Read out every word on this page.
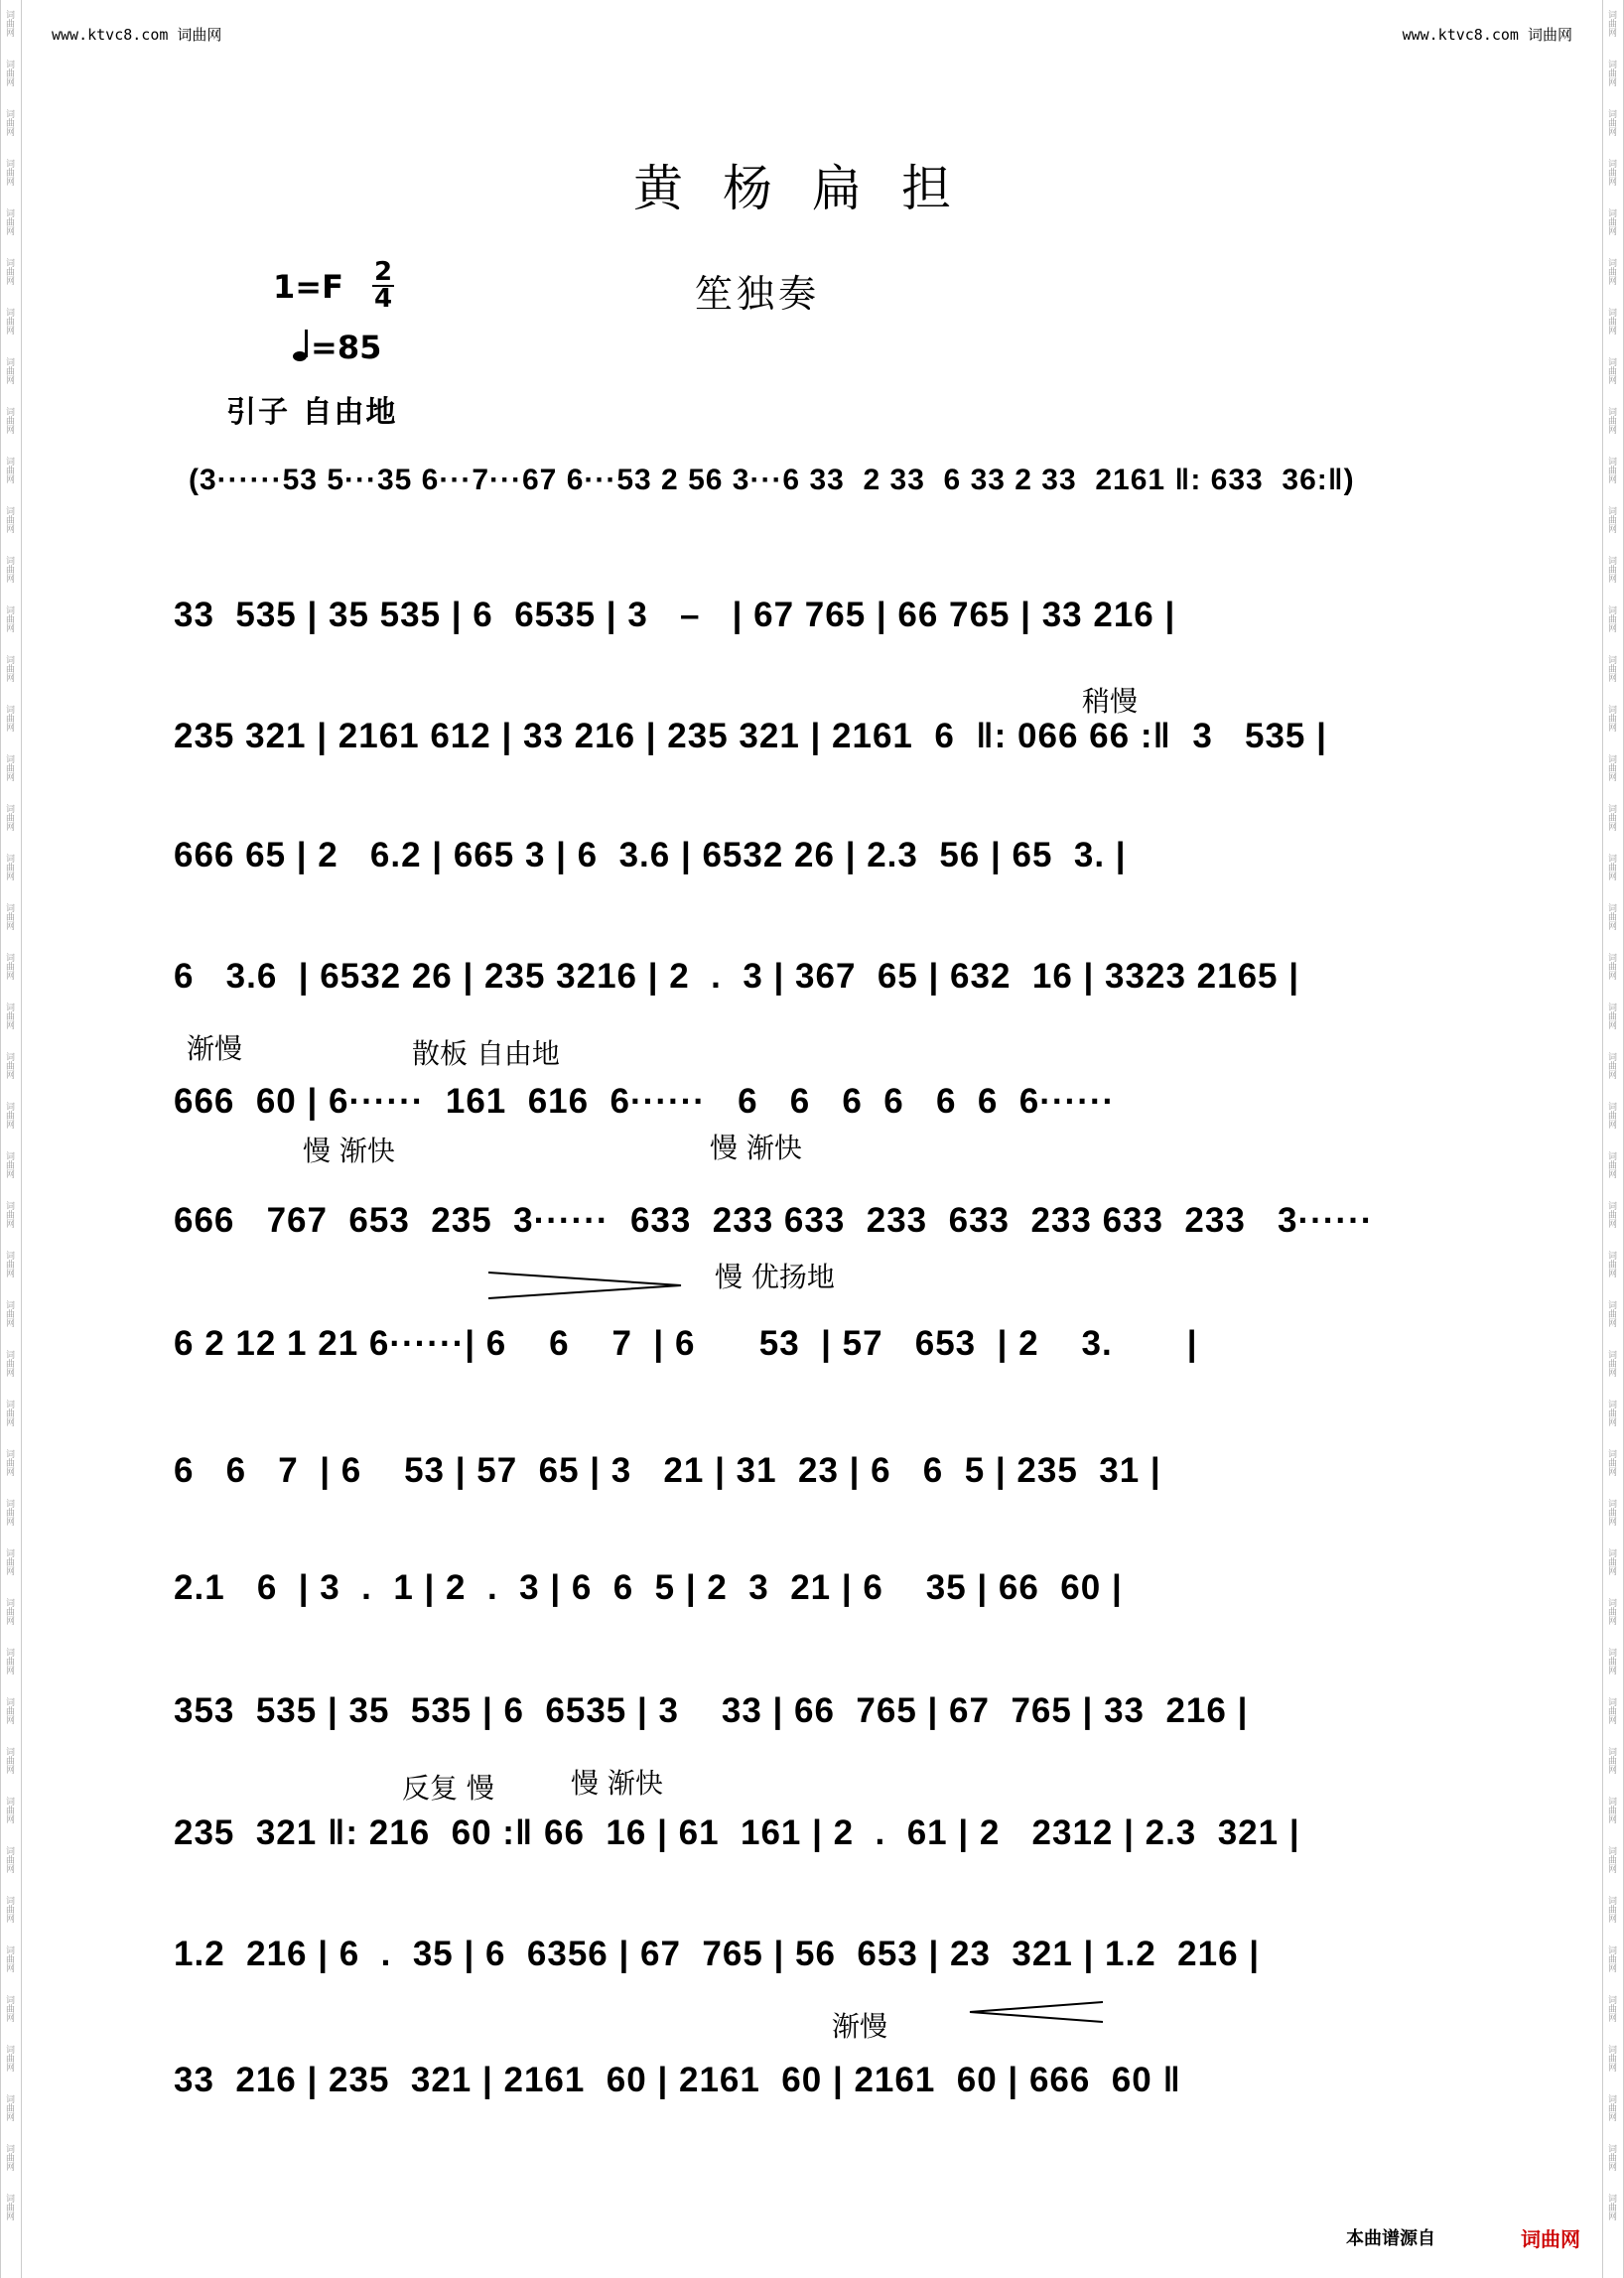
词曲网
词曲网
词曲网
词曲网
词曲网
词曲网
词曲网
词曲网
词曲网
词曲网
词曲网
词曲网
词曲网
词曲网
词曲网
词曲网
词曲网
词曲网
词曲网
词曲网
词曲网
词曲网
词曲网
词曲网
词曲网
词曲网
词曲网
词曲网
词曲网
词曲网
词曲网
词曲网
词曲网
词曲网
词曲网
词曲网
词曲网
词曲网
词曲网
词曲网
词曲网
词曲网
词曲网
词曲网
词曲网
词曲网
词曲网
词曲网
词曲网
词曲网
词曲网
词曲网
词曲网
词曲网
词曲网
词曲网
词曲网
词曲网
词曲网
词曲网
词曲网
词曲网
词曲网
词曲网
词曲网
词曲网
词曲网
词曲网
词曲网
词曲网
词曲网
词曲网
词曲网
词曲网
词曲网
词曲网
词曲网
词曲网
词曲网
词曲网
词曲网
词曲网
词曲网
词曲网
词曲网
词曲网
词曲网
词曲网
词曲网
词曲网
www.ktvc8.com 词曲网	www.ktvc8.com 词曲网
黄杨扁担
1=F 2
4	笙独奏
=85
引子 自由地
(3······53 5···35 6···7···67 6···53 2 56 3···6 33  2 33  6 33 2 33  2161 ‖: 633  36:‖)
33  535 | 35 535 | 6  6535 | 3   –   | 67 765 | 66 765 | 33 216 |
235 321 | 2161 612 | 33 216 | 235 321 | 2161  6  ‖: 066 66 :‖  3   535 |
666 65 | 2   6.2 | 665 3 | 6  3.6 | 6532 26 | 2.3  56 | 65  3. |
6   3.6  | 6532 26 | 235 3216 | 2  .  3 | 367  65 | 632  16 | 3323 2165 |
666  60 | 6······  161  616  6······   6   6   6  6   6  6  6······
666   767  653  235  3······  633  233 633  233  633  233 633  233   3······
6 2 12 1 21 6······| 6    6    7  | 6      53  | 57   653  | 2    3.       |
6   6   7  | 6    53 | 57  65 | 3   21 | 31  23 | 6   6  5 | 235  31 |
2.1   6  | 3  .  1 | 2  .  3 | 6  6  5 | 2  3  21 | 6    35 | 66  60 |
353  535 | 35  535 | 6  6535 | 3    33 | 66  765 | 67  765 | 33  216 |
235  321 ‖: 216  60 :‖ 66  16 | 61  161 | 2  .  61 | 2   2312 | 2.3  321 |
1.2  216 | 6  .  35 | 6  6356 | 67  765 | 56  653 | 23  321 | 1.2  216 |
33  216 | 235  321 | 2161  60 | 2161  60 | 2161  60 | 666  60 ‖
稍慢
渐慢	散板 自由地
慢 渐快	慢 渐快
慢 优扬地
反复 慢	慢 渐快
渐慢
本曲谱源自	词曲网
